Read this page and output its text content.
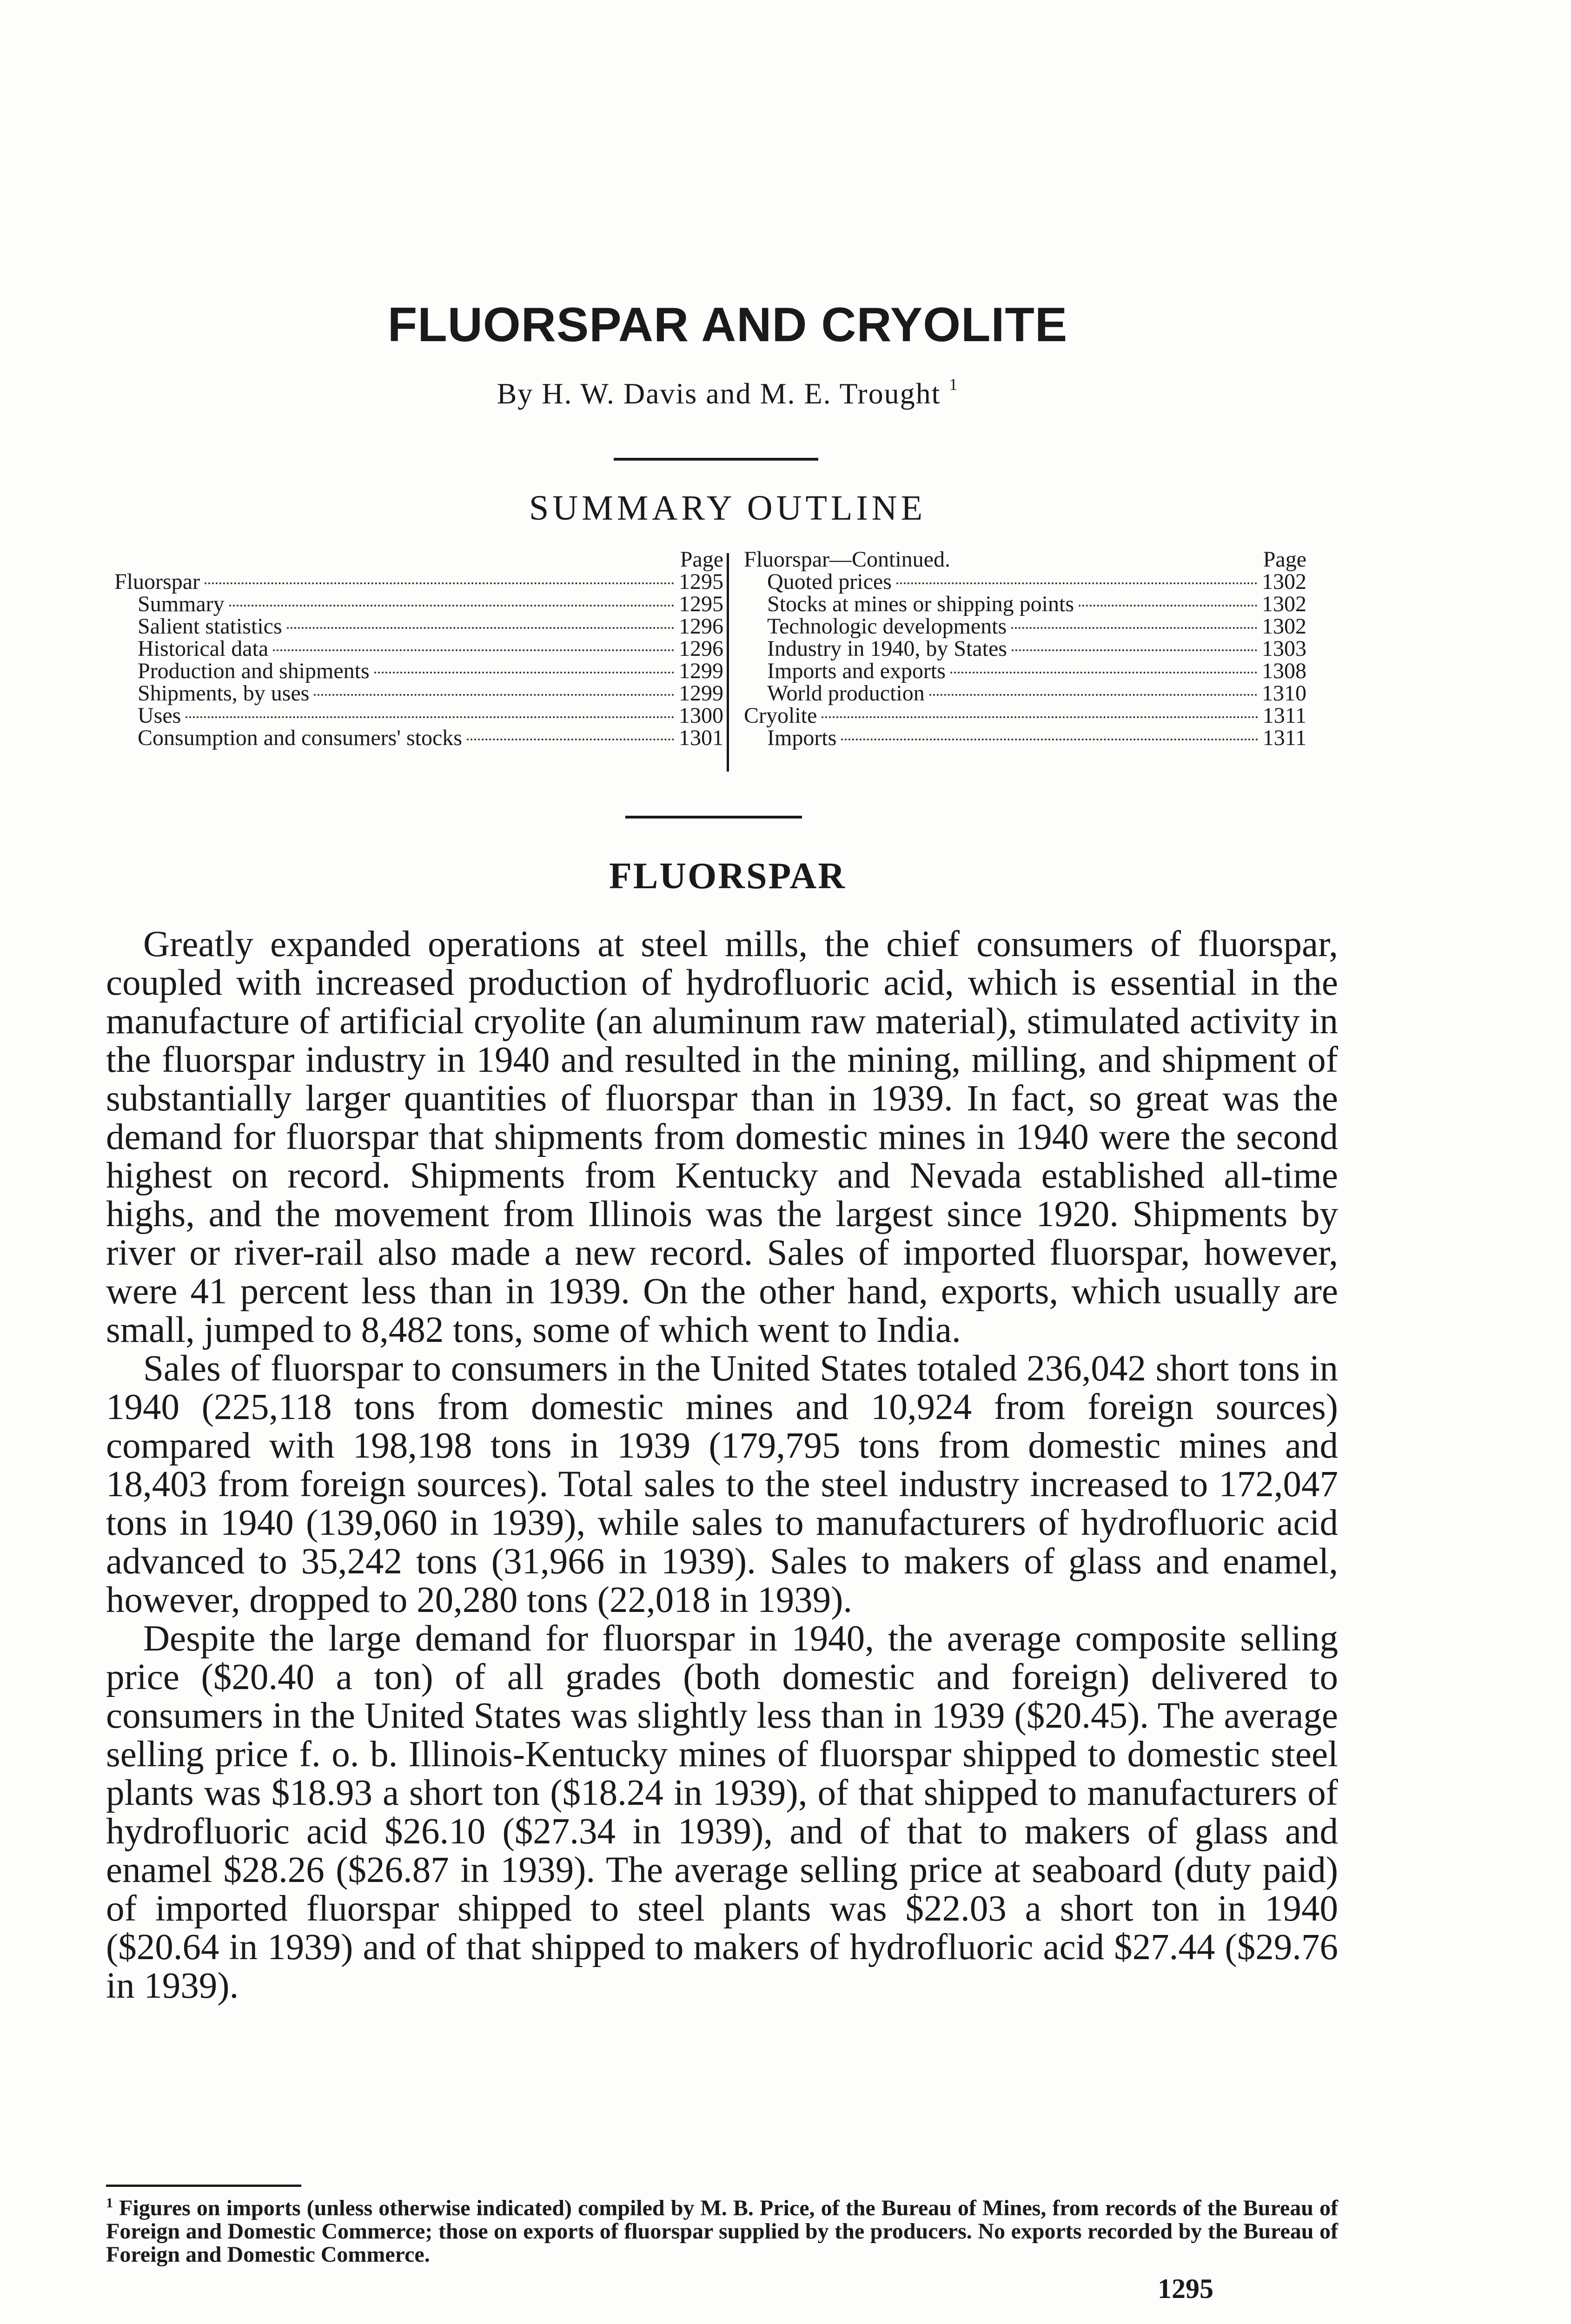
FLUORSPAR AND CRYOLITE
By H. W. Davis and M. E. Trought $^1$
SUMMARY OUTLINE
Page
Fluorspar	1295
Summary	1295
Salient statistics	1296
Historical data	1296
Production and shipments	1299
Shipments, by uses	1299
Uses	1300
Consumption and consumers' stocks	1301
Fluorspar—Continued.	Page
Quoted prices	1302
Stocks at mines or shipping points	1302
Technologic developments	1302
Industry in 1940, by States	1303
Imports and exports	1308
World production	1310
Cryolite	1311
Imports	1311
FLUORSPAR

Greatly expanded operations at steel mills, the chief consumers of fluorspar, coupled with increased production of hydrofluoric acid, which is essential in the manufacture of artificial cryolite (an aluminum raw material), stimulated activity in the fluorspar industry in 1940 and resulted in the mining, milling, and shipment of substantially larger quantities of fluorspar than in 1939. In fact, so great was the demand for fluorspar that shipments from domestic mines in 1940 were the second highest on record. Shipments from Kentucky and Nevada established all-time highs, and the movement from Illinois was the largest since 1920. Shipments by river or river-rail also made a new record. Sales of imported fluorspar, however, were 41 percent less than in 1939. On the other hand, exports, which usually are small, jumped to 8,482 tons, some of which went to India.

Sales of fluorspar to consumers in the United States totaled 236,042 short tons in 1940 (225,118 tons from domestic mines and 10,924 from foreign sources) compared with 198,198 tons in 1939 (179,795 tons from domestic mines and 18,403 from foreign sources). Total sales to the steel industry increased to 172,047 tons in 1940 (139,060 in 1939), while sales to manufacturers of hydrofluoric acid advanced to 35,242 tons (31,966 in 1939). Sales to makers of glass and enamel, however, dropped to 20,280 tons (22,018 in 1939).

Despite the large demand for fluorspar in 1940, the average composite selling price ($20.40 a ton) of all grades (both domestic and foreign) delivered to consumers in the United States was slightly less than in 1939 ($20.45). The average selling price f. o. b. Illinois-Kentucky mines of fluorspar shipped to domestic steel plants was $18.93 a short ton ($18.24 in 1939), of that shipped to manufacturers of hydrofluoric acid $26.10 ($27.34 in 1939), and of that to makers of glass and enamel $28.26 ($26.87 in 1939). The average selling price at seaboard (duty paid) of imported fluorspar shipped to steel plants was $22.03 a short ton in 1940 ($20.64 in 1939) and of that shipped to makers of hydrofluoric acid $27.44 ($29.76 in 1939).

$^1$ Figures on imports (unless otherwise indicated) compiled by M. B. Price, of the Bureau of Mines, from records of the Bureau of Foreign and Domestic Commerce; those on exports of fluorspar supplied by the producers. No exports recorded by the Bureau of Foreign and Domestic Commerce.
1295
